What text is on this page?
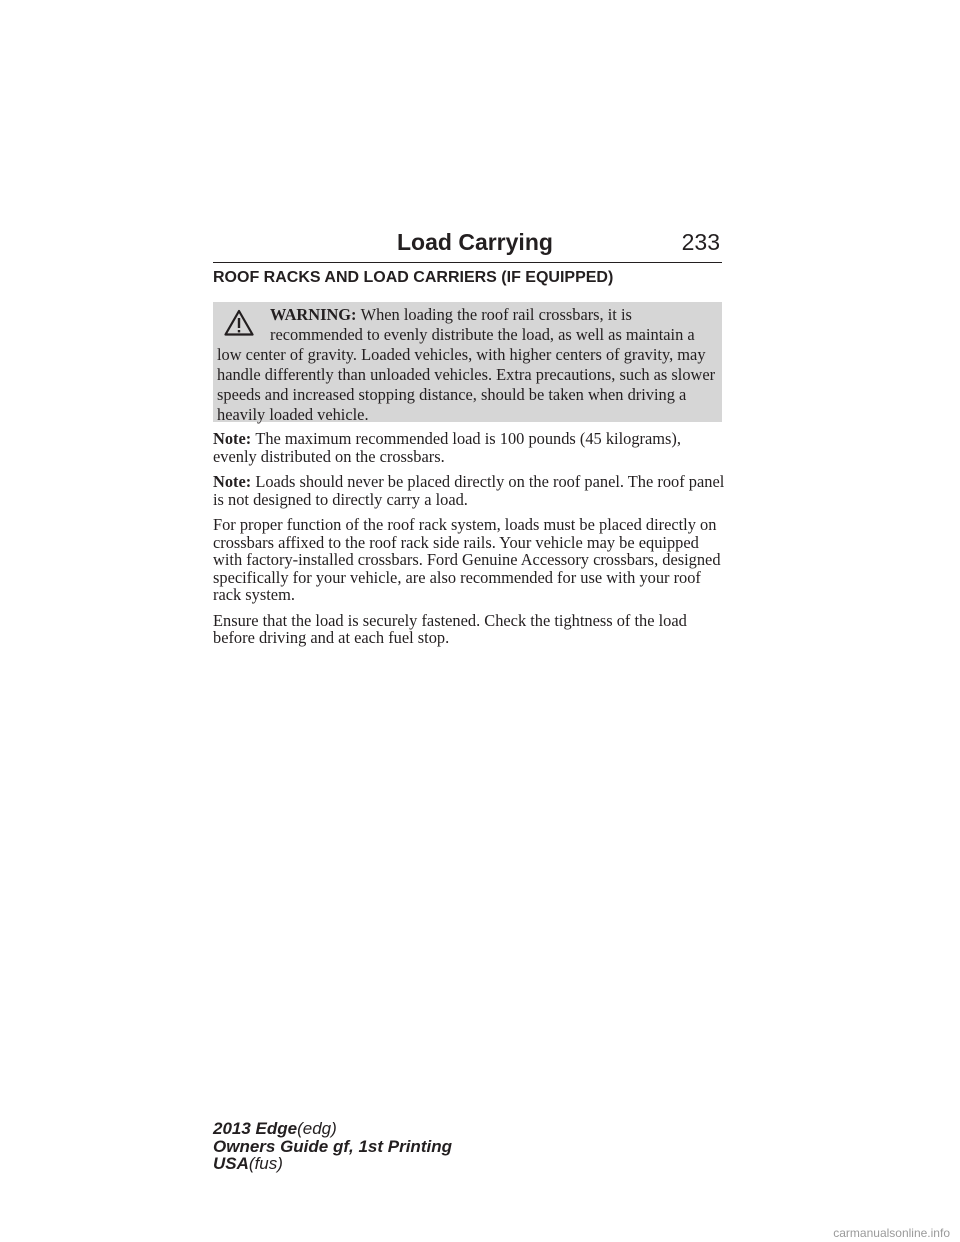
Load Carrying	233
ROOF RACKS AND LOAD CARRIERS (IF EQUIPPED)
WARNING: When loading the roof rail crossbars, it is recommended to evenly distribute the load, as well as maintain a
low center of gravity. Loaded vehicles, with higher centers of gravity, may handle differently than unloaded vehicles. Extra precautions, such as slower speeds and increased stopping distance, should be taken when driving a heavily loaded vehicle.

Note: The maximum recommended load is 100 pounds (45 kilograms), evenly distributed on the crossbars.

Note: Loads should never be placed directly on the roof panel. The roof panel is not designed to directly carry a load.

For proper function of the roof rack system, loads must be placed directly on crossbars affixed to the roof rack side rails. Your vehicle may be equipped with factory-installed crossbars. Ford Genuine Accessory crossbars, designed specifically for your vehicle, are also recommended for use with your roof rack system.

Ensure that the load is securely fastened. Check the tightness of the load before driving and at each fuel stop.

2013 Edge(edg)
Owners Guide gf, 1st Printing
USA(fus)
carmanualsonline.info
